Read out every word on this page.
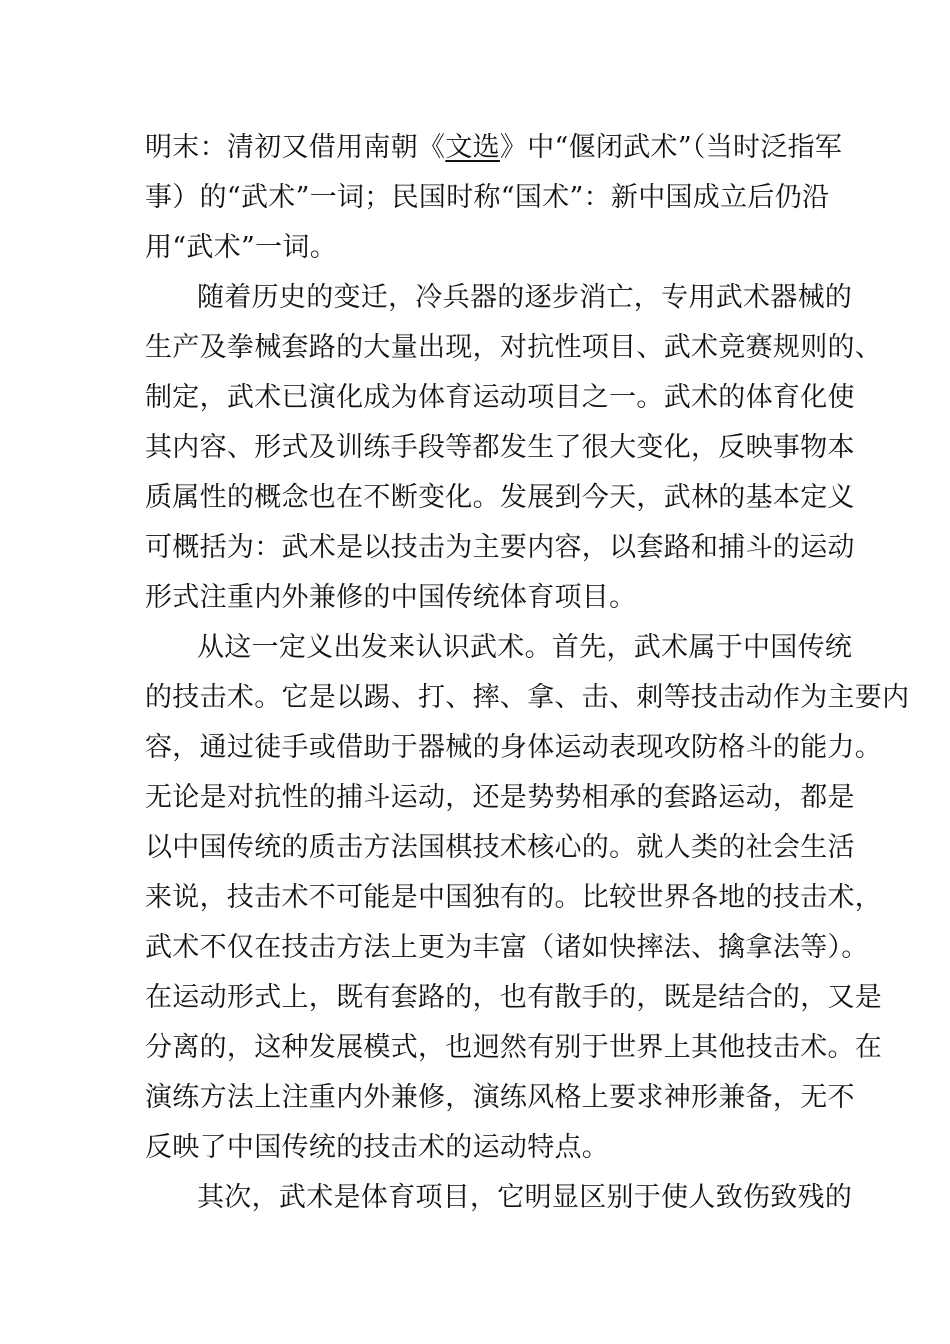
明末：清初又借用南朝《文选》中“偃闭武术”（当时泛指军
事）的“武术”一词；民国时称“国术”：新中国成立后仍沿
用“武术”一词。
随着历史的变迁，冷兵器的逐步消亡，专用武术器械的
生产及拳械套路的大量出现，对抗性项目、武术竞赛规则的、
制定，武术已演化成为体育运动项目之一。武术的体育化使
其内容、形式及训练手段等都发生了很大变化，反映事物本
质属性的概念也在不断变化。发展到今天，武林的基本定义
可概括为：武术是以技击为主要内容，以套路和捕斗的运动
形式注重内外兼修的中国传统体育项目。
从这一定义出发来认识武术。首先，武术属于中国传统
的技击术。它是以踢、打、摔、拿、击、刺等技击动作为主要内
容，通过徒手或借助于器械的身体运动表现攻防格斗的能力。
无论是对抗性的捕斗运动，还是势势相承的套路运动，都是
以中国传统的质击方法国棋技术核心的。就人类的社会生活
来说，技击术不可能是中国独有的。比较世界各地的技击术，
武术不仅在技击方法上更为丰富（诸如快摔法、擒拿法等）。
在运动形式上，既有套路的，也有散手的，既是结合的，又是
分离的，这种发展模式，也迥然有别于世界上其他技击术。在
演练方法上注重内外兼修，演练风格上要求神形兼备，无不
反映了中国传统的技击术的运动特点。
其次，武术是体育项目，它明显区别于使人致伤致残的
